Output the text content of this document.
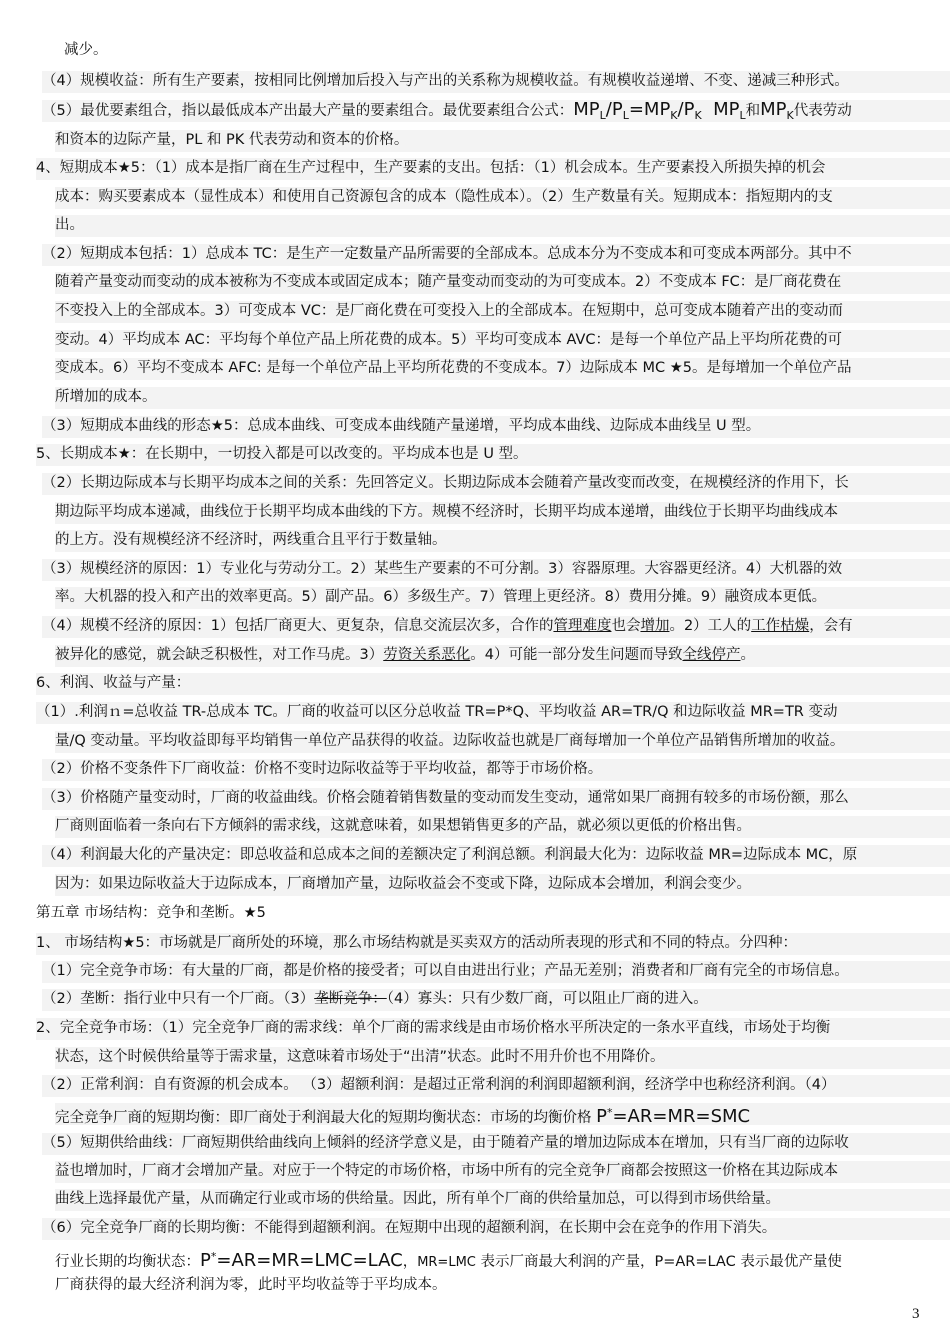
减少。
（4）规模收益：所有生产要素，按相同比例增加后投入与产出的关系称为规模收益。有规模收益递增、不变、递减三种形式。
（5）最优要素组合，指以最低成本产出最大产量的要素组合。最优要素组合公式：$MP_L/P_L=MP_K/P_K$  $MP_L$和$MP_K$代表劳动
和资本的边际产量，PL 和 PK 代表劳动和资本的价格。
4、短期成本★5：（1）成本是指厂商在生产过程中，生产要素的支出。包括：（1）机会成本。生产要素投入所损失掉的机会
成本：购买要素成本（显性成本）和使用自己资源包含的成本（隐性成本）。（2）生产数量有关。短期成本：指短期内的支
出。
（2）短期成本包括：1）总成本 TC：是生产一定数量产品所需要的全部成本。总成本分为不变成本和可变成本两部分。其中不
随着产量变动而变动的成本被称为不变成本或固定成本；随产量变动而变动的为可变成本。2）不变成本 FC：是厂商花费在
不变投入上的全部成本。3）可变成本 VC：是厂商化费在可变投入上的全部成本。在短期中，总可变成本随着产出的变动而
变动。4）平均成本 AC：平均每个单位产品上所花费的成本。5）平均可变成本 AVC：是每一个单位产品上平均所花费的可
变成本。6）平均不变成本 AFC: 是每一个单位产品上平均所花费的不变成本。7）边际成本 MC ★5。是每增加一个单位产品
所增加的成本。
（3）短期成本曲线的形态★5：总成本曲线、可变成本曲线随产量递增，平均成本曲线、边际成本曲线呈 U 型。
5、长期成本★：在长期中，一切投入都是可以改变的。平均成本也是 U 型。
（2）长期边际成本与长期平均成本之间的关系：先回答定义。长期边际成本会随着产量改变而改变，在规模经济的作用下，长
期边际平均成本递减，曲线位于长期平均成本曲线的下方。规模不经济时，长期平均成本递增，曲线位于长期平均曲线成本
的上方。没有规模经济不经济时，两线重合且平行于数量轴。
（3）规模经济的原因：1）专业化与劳动分工。2）某些生产要素的不可分割。3）容器原理。大容器更经济。4）大机器的效
率。大机器的投入和产出的效率更高。5）副产品。6）多级生产。7）管理上更经济。8）费用分摊。9）融资成本更低。
（4）规模不经济的原因：1）包括厂商更大、更复杂，信息交流层次多，合作的管理难度也会增加。2）工人的工作枯燥，会有
被异化的感觉，就会缺乏积极性，对工作马虎。3）劳资关系恶化。4）可能一部分发生问题而导致全线停产。
6、利润、收益与产量：
（1）.利润ｎ=总收益 TR-总成本 TC。厂商的收益可以区分总收益 TR=P*Q、平均收益 AR=TR/Q 和边际收益 MR=TR 变动
量/Q 变动量。平均收益即每平均销售一单位产品获得的收益。边际收益也就是厂商每增加一个单位产品销售所增加的收益。
（2）价格不变条件下厂商收益：价格不变时边际收益等于平均收益，都等于市场价格。
（3）价格随产量变动时，厂商的收益曲线。价格会随着销售数量的变动而发生变动，通常如果厂商拥有较多的市场份额，那么
厂商则面临着一条向右下方倾斜的需求线，这就意味着，如果想销售更多的产品，就必须以更低的价格出售。
（4）利润最大化的产量决定：即总收益和总成本之间的差额决定了利润总额。利润最大化为：边际收益 MR=边际成本 MC，原
因为：如果边际收益大于边际成本，厂商增加产量，边际收益会不变或下降，边际成本会增加，利润会变少。
第五章 市场结构：竞争和垄断。★5
1、 市场结构★5：市场就是厂商所处的环境，那么市场结构就是买卖双方的活动所表现的形式和不同的特点。分四种：
（1）完全竞争市场：有大量的厂商，都是价格的接受者；可以自由进出行业；产品无差别；消费者和厂商有完全的市场信息。
（2）垄断：指行业中只有一个厂商。（3）垄断竞争：（4）寡头：只有少数厂商，可以阻止厂商的进入。
2、完全竞争市场：（1）完全竞争厂商的需求线：单个厂商的需求线是由市场价格水平所决定的一条水平直线，市场处于均衡
状态，这个时候供给量等于需求量，这意味着市场处于“出清”状态。此时不用升价也不用降价。
（2）正常利润：自有资源的机会成本。 （3）超额利润：是超过正常利润的利润即超额利润，经济学中也称经济利润。（4）
完全竞争厂商的短期均衡：即厂商处于利润最大化的短期均衡状态：市场的均衡价格 P*=AR=MR=SMC
（5）短期供给曲线：厂商短期供给曲线向上倾斜的经济学意义是，由于随着产量的增加边际成本在增加，只有当厂商的边际收
益也增加时，厂商才会增加产量。对应于一个特定的市场价格，市场中所有的完全竞争厂商都会按照这一价格在其边际成本
曲线上选择最优产量，从而确定行业或市场的供给量。因此，所有单个厂商的供给量加总，可以得到市场供给量。
（6）完全竞争厂商的长期均衡：不能得到超额利润。在短期中出现的超额利润，在长期中会在竞争的作用下消失。
行业长期的均衡状态：P*=AR=MR=LMC=LAC，MR=LMC 表示厂商最大利润的产量，P=AR=LAC 表示最优产量使
厂商获得的最大经济利润为零，此时平均收益等于平均成本。
3
